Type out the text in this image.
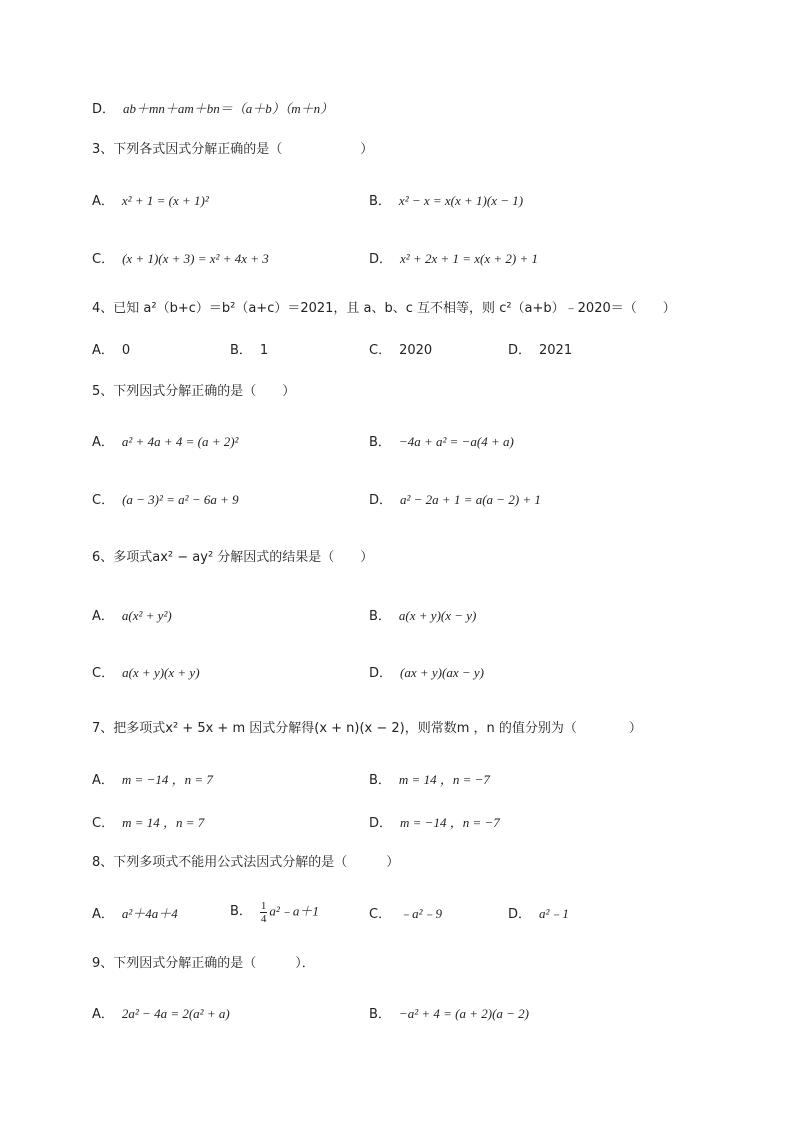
D． ab＋mn＋am＋bn＝（a＋b）（m＋n）
3、下列各式因式分解正确的是（　　　　　　）
A． x² + 1 = (x + 1)²	B． x² − x = x(x + 1)(x − 1)
C． (x + 1)(x + 3) = x² + 4x + 3	D． x² + 2x + 1 = x(x + 2) + 1
4、已知 a²（b+c）＝b²（a+c）＝2021，且 a、b、c 互不相等，则 c²（a+b）﹣2020＝（　　）
A． 0	B． 1	C． 2020	D． 2021
5、下列因式分解正确的是（　　）
A． a² + 4a + 4 = (a + 2)²	B． −4a + a² = −a(4 + a)
C． (a − 3)² = a² − 6a + 9	D． a² − 2a + 1 = a(a − 2) + 1
6、多项式ax² − ay² 分解因式的结果是（　　）
A． a(x² + y²)	B． a(x + y)(x − y)
C． a(x + y)(x + y)	D． (ax + y)(ax − y)
7、把多项式x² + 5x + m 因式分解得(x + n)(x − 2)，则常数m ，n 的值分别为（　　　　）
A． m = −14 ，n = 7	B． m = 14 ，n = −7
C． m = 14 ，n = 7	D． m = −14 ，n = −7
8、下列多项式不能用公式法因式分解的是（　　　）
A． a²＋4a＋4	B． $\frac{1}{4}$ a²﹣a＋1	C． ﹣a²﹣9	D． a²﹣1
9、下列因式分解正确的是（　　　）．
A． 2a² − 4a = 2(a² + a)	B． −a² + 4 = (a + 2)(a − 2)
